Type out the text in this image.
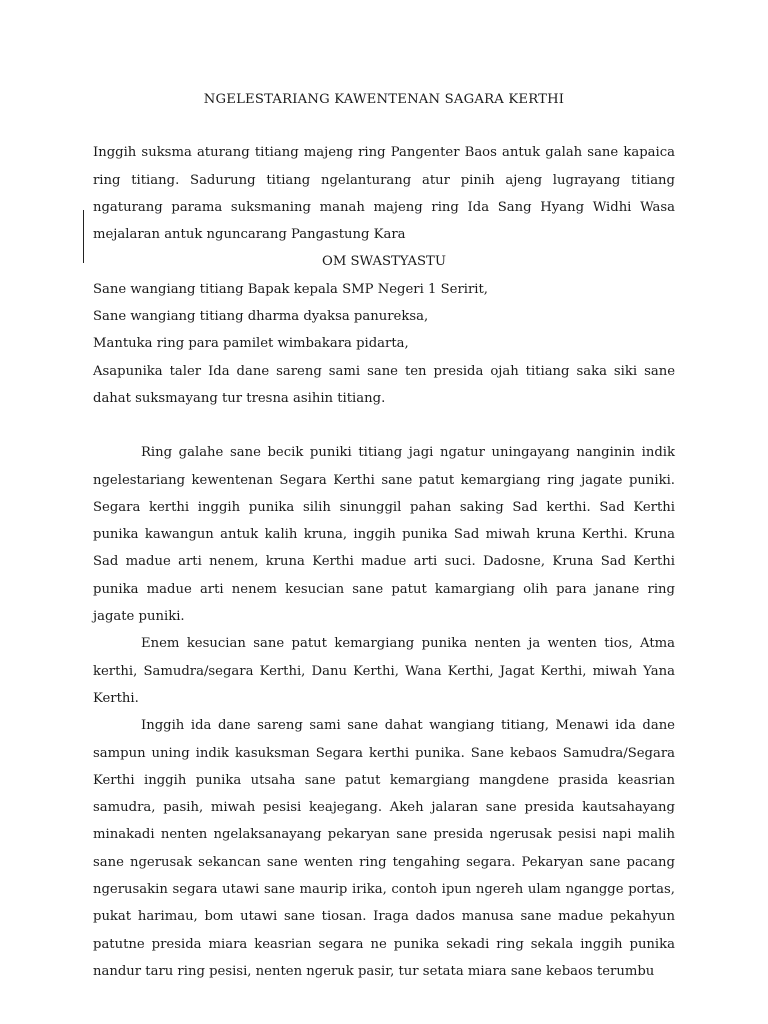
NGELESTARIANG KAWENTENAN SAGARA KERTHI

Inggih suksma aturang titiang majeng ring Pangenter Baos antuk galah sane kapaica ring titiang. Sadurung titiang ngelanturang atur pinih ajeng lugrayang titiang ngaturang parama suksmaning manah majeng ring Ida Sang Hyang Widhi Wasa mejalaran antuk nguncarang Pangastung Kara

OM SWASTYASTU

Sane wangiang titiang Bapak kepala SMP Negeri 1 Seririt,

Sane wangiang titiang dharma dyaksa panureksa,

Mantuka ring para pamilet wimbakara pidarta,

Asapunika taler Ida dane sareng sami sane ten presida ojah titiang saka siki sane dahat suksmayang tur tresna asihin titiang.

Ring galahe sane becik puniki titiang jagi ngatur uningayang nanginin indik ngelestariang kewentenan Segara Kerthi sane patut kemargiang ring jagate puniki. Segara kerthi inggih punika silih sinunggil pahan saking Sad kerthi. Sad Kerthi punika kawangun antuk kalih kruna, inggih punika Sad miwah kruna Kerthi. Kruna Sad madue arti nenem, kruna Kerthi madue arti suci. Dadosne, Kruna Sad Kerthi punika madue arti nenem kesucian sane patut kamargiang olih para janane ring jagate puniki.

Enem kesucian sane patut kemargiang punika nenten ja wenten tios, Atma kerthi, Samudra/segara Kerthi, Danu Kerthi, Wana Kerthi, Jagat Kerthi, miwah Yana Kerthi.

Inggih ida dane sareng sami sane dahat wangiang titiang, Menawi ida dane sampun uning indik kasuksman Segara kerthi punika. Sane kebaos Samudra/Segara Kerthi inggih punika utsaha sane patut kemargiang mangdene prasida keasrian samudra, pasih, miwah pesisi keajegang. Akeh jalaran sane presida kautsahayang minakadi nenten ngelaksanayang pekaryan sane presida ngerusak pesisi napi malih sane ngerusak sekancan sane wenten ring tengahing segara. Pekaryan sane pacang ngerusakin segara utawi sane maurip irika, contoh ipun ngereh ulam ngangge portas, pukat harimau, bom utawi sane tiosan. Iraga dados manusa sane madue pekahyun patutne presida miara keasrian segara ne punika sekadi ring sekala inggih punika nandur taru ring pesisi, nenten ngeruk pasir, tur setata miara sane kebaos terumbu
